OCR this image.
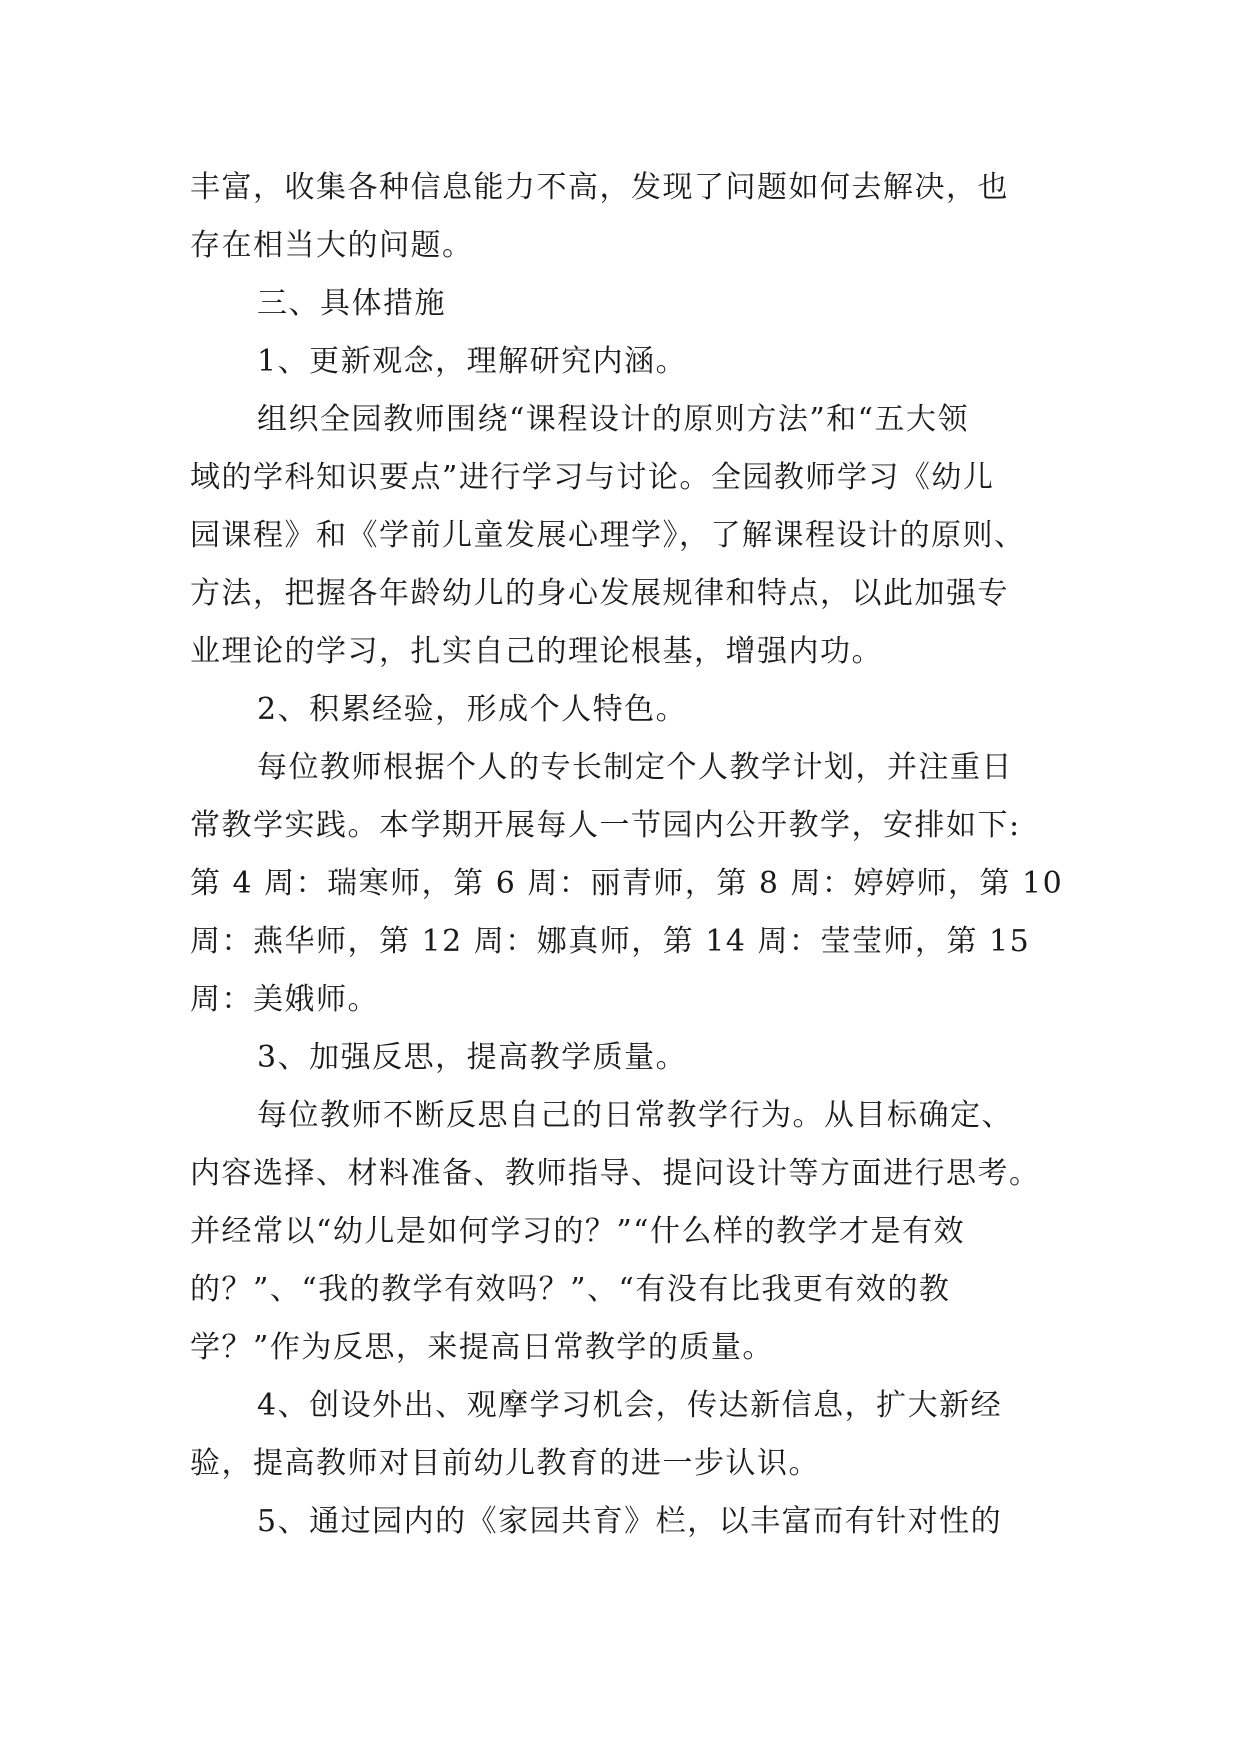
丰富，收集各种信息能力不高，发现了问题如何去解决，也

存在相当大的问题。

三、具体措施

1、更新观念，理解研究内涵。

组织全园教师围绕“课程设计的原则方法”和“五大领

域的学科知识要点”进行学习与讨论。全园教师学习《幼儿

园课程》和《学前儿童发展心理学》，了解课程设计的原则、

方法，把握各年龄幼儿的身心发展规律和特点，以此加强专

业理论的学习，扎实自己的理论根基，增强内功。

2、积累经验，形成个人特色。

每位教师根据个人的专长制定个人教学计划，并注重日

常教学实践。本学期开展每人一节园内公开教学，安排如下:

第 4 周：瑞寒师，第 6 周：丽青师，第 8 周：婷婷师，第 10

周：燕华师，第 12 周：娜真师，第 14 周：莹莹师，第 15

周：美娥师。

3、加强反思，提高教学质量。

每位教师不断反思自己的日常教学行为。从目标确定、

内容选择、材料准备、教师指导、提问设计等方面进行思考。

并经常以“幼儿是如何学习的？”“什么样的教学才是有效

的？”、“我的教学有效吗？”、“有没有比我更有效的教

学？”作为反思，来提高日常教学的质量。

4、创设外出、观摩学习机会，传达新信息，扩大新经

验，提高教师对目前幼儿教育的进一步认识。

5、通过园内的《家园共育》栏，以丰富而有针对性的
